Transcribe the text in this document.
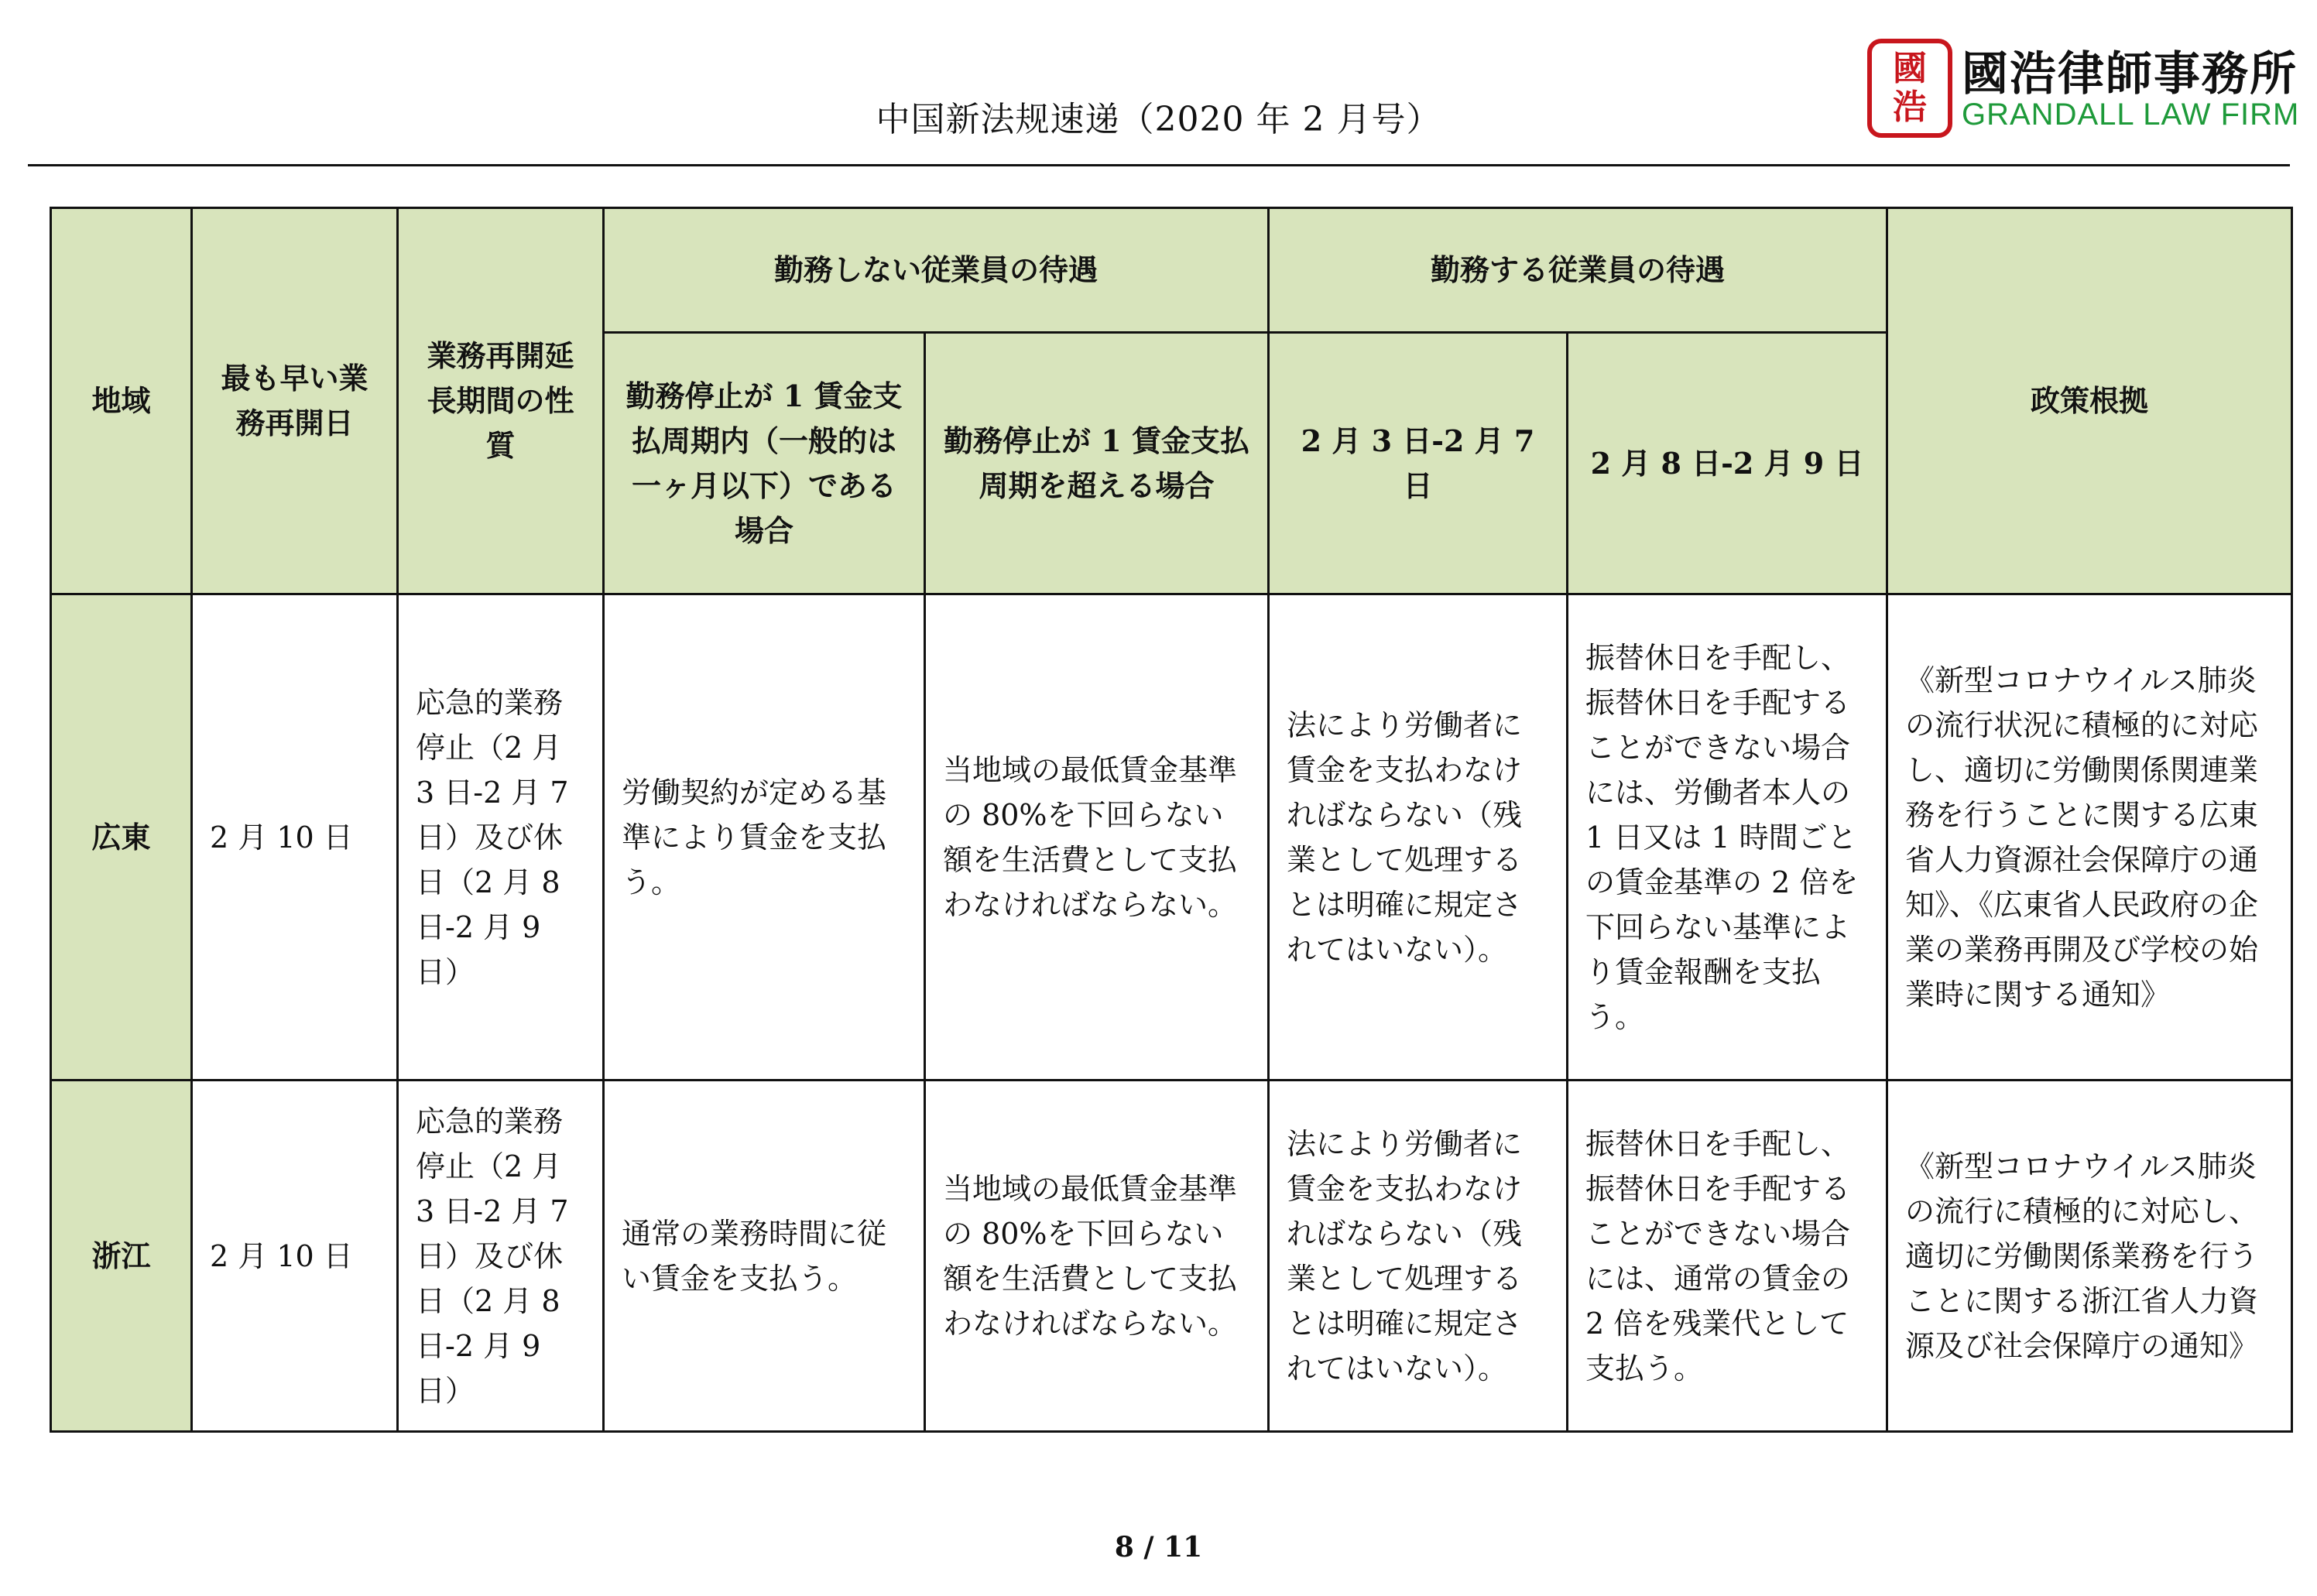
中国新法规速递（2020 年 2 月号）
國
浩
國浩律師事務所
GRANDALL LAW FIRM
地域	最も早い業務再開日	業務再開延長期間の性質	勤務しない従業員の待遇		勤務する従業員の待遇		政策根拠
			勤務停止が 1 賃金支払周期内（一般的は一ヶ月以下）である場合	勤務停止が 1 賃金支払周期を超える場合	2 月 3 日-2 月 7 日	2 月 8 日-2 月 9 日	
広東	2 月 10 日	応急的業務停止（2 月 3 日-2 月 7 日）及び休日（2 月 8 日-2 月 9 日）	労働契約が定める基準により賃金を支払う。	当地域の最低賃金基準の 80%を下回らない額を生活費として支払わなければならない。	法により労働者に賃金を支払わなければならない（残業として処理するとは明確に規定されてはいない）。	振替休日を手配し、振替休日を手配することができない場合には、労働者本人の 1 日又は 1 時間ごとの賃金基準の 2 倍を下回らない基準により賃金報酬を支払う。	《新型コロナウイルス肺炎の流行状況に積極的に対応し、適切に労働関係関連業務を行うことに関する広東省人力資源社会保障庁の通知》、《広東省人民政府の企業の業務再開及び学校の始業時に関する通知》
浙江	2 月 10 日	応急的業務停止（2 月 3 日-2 月 7 日）及び休日（2 月 8 日-2 月 9 日）	通常の業務時間に従い賃金を支払う。	当地域の最低賃金基準の 80%を下回らない額を生活費として支払わなければならない。	法により労働者に賃金を支払わなければならない（残業として処理するとは明確に規定されてはいない）。	振替休日を手配し、振替休日を手配することができない場合には、通常の賃金の 2 倍を残業代として支払う。	《新型コロナウイルス肺炎の流行に積極的に対応し、適切に労働関係業務を行うことに関する浙江省人力資源及び社会保障庁の通知》
8 / 11
